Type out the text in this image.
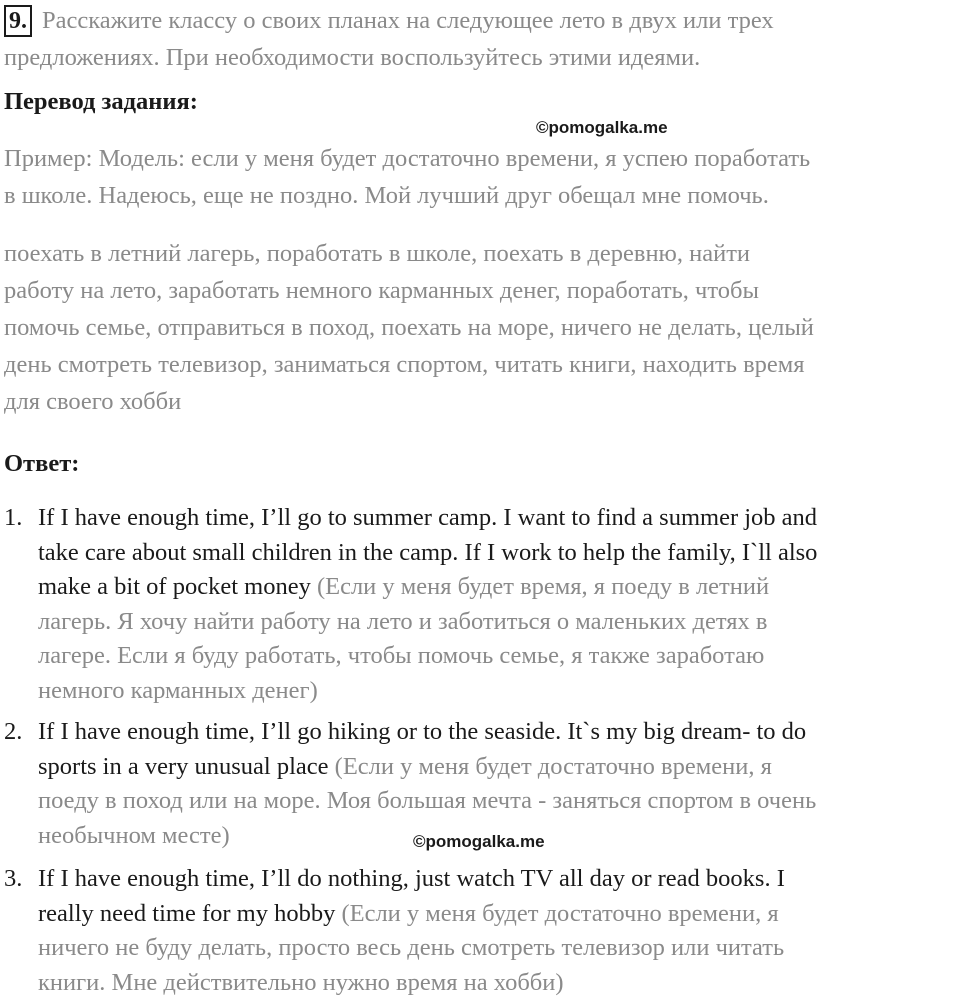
9. Расскажите классу о своих планах на следующее лето в двух или трех
предложениях. При необходимости воспользуйтесь этими идеями.
Перевод задания:
©pomogalka.me
Пример: Модель: если у меня будет достаточно времени, я успею поработать
в школе. Надеюсь, еще не поздно. Мой лучший друг обещал мне помочь.
поехать в летний лагерь, поработать в школе, поехать в деревню, найти
работу на лето, заработать немного карманных денег, поработать, чтобы
помочь семье, отправиться в поход, поехать на море, ничего не делать, целый
день смотреть телевизор, заниматься спортом, читать книги, находить время
для своего хобби
Ответ:
1. If I have enough time, I’ll go to summer camp. I want to find a summer job and
take care about small children in the camp. If I work to help the family, I`ll also
make a bit of pocket money (Если у меня будет время, я поеду в летний
лагерь. Я хочу найти работу на лето и заботиться о маленьких детях в
лагере. Если я буду работать, чтобы помочь семье, я также заработаю
немного карманных денег)
2. If I have enough time, I’ll go hiking or to the seaside. It`s my big dream- to do
sports in a very unusual place (Если у меня будет достаточно времени, я
поеду в поход или на море. Моя большая мечта - заняться спортом в очень
необычном месте)	©pomogalka.me
3. If I have enough time, I’ll do nothing, just watch TV all day or read books. I
really need time for my hobby (Если у меня будет достаточно времени, я
ничего не буду делать, просто весь день смотреть телевизор или читать
книги. Мне действительно нужно время на хобби)
